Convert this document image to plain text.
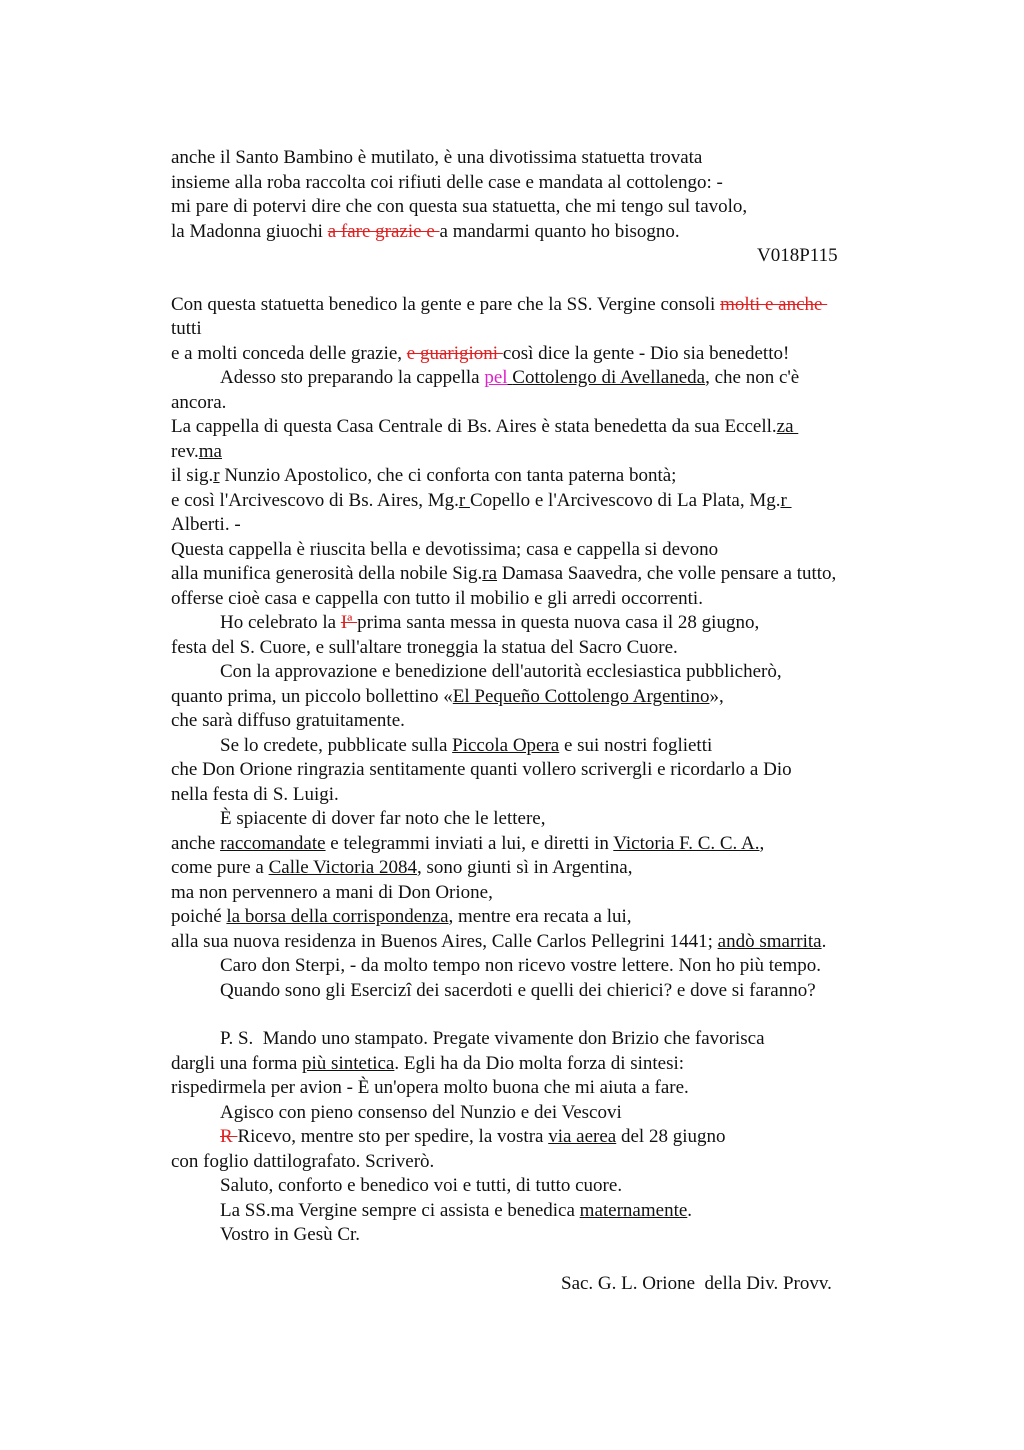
anche il Santo Bambino è mutilato, è una divotissima statuetta trovata
insieme alla roba raccolta coi rifiuti delle case e mandata al cottolengo: -
mi pare di potervi dire che con questa sua statuetta, che mi tengo sul tavolo,
la Madonna giuochi a fare grazie e a mandarmi quanto ho bisogno.
V018P115
Con questa statuetta benedico la gente e pare che la SS. Vergine consoli molti e anche
tutti
e a molti conceda delle grazie, e guarigioni così dice la gente - Dio sia benedetto!
Adesso sto preparando la cappella pel Cottolengo di Avellaneda, che non c'è
ancora.
La cappella di questa Casa Centrale di Bs. Aires è stata benedetta da sua Eccell.za
rev.ma
il sig.r Nunzio Apostolico, che ci conforta con tanta paterna bontà;
e così l'Arcivescovo di Bs. Aires, Mg.r Copello e l'Arcivescovo di La Plata, Mg.r
Alberti. -
Questa cappella è riuscita bella e devotissima; casa e cappella si devono
alla munifica generosità della nobile Sig.ra Damasa Saavedra, che volle pensare a tutto,
offerse cioè casa e cappella con tutto il mobilio e gli arredi occorrenti.
Ho celebrato la Iª prima santa messa in questa nuova casa il 28 giugno,
festa del S. Cuore, e sull'altare troneggia la statua del Sacro Cuore.
Con la approvazione e benedizione dell'autorità ecclesiastica pubblicherò,
quanto prima, un piccolo bollettino «El Pequeño Cottolengo Argentino»,
che sarà diffuso gratuitamente.
Se lo credete, pubblicate sulla Piccola Opera e sui nostri foglietti
che Don Orione ringrazia sentitamente quanti vollero scrivergli e ricordarlo a Dio
nella festa di S. Luigi.
È spiacente di dover far noto che le lettere,
anche raccomandate e telegrammi inviati a lui, e diretti in Victoria F. C. C. A.,
come pure a Calle Victoria 2084, sono giunti sì in Argentina,
ma non pervennero a mani di Don Orione,
poiché la borsa della corrispondenza, mentre era recata a lui,
alla sua nuova residenza in Buenos Aires, Calle Carlos Pellegrini 1441; andò smarrita.
Caro don Sterpi, - da molto tempo non ricevo vostre lettere. Non ho più tempo.
Quando sono gli Esercizî dei sacerdoti e quelli dei chierici? e dove si faranno?
P. S.  Mando uno stampato. Pregate vivamente don Brizio che favorisca
dargli una forma più sintetica. Egli ha da Dio molta forza di sintesi:
rispedirmela per avion - È un'opera molto buona che mi aiuta a fare.
Agisco con pieno consenso del Nunzio e dei Vescovi
R Ricevo, mentre sto per spedire, la vostra via aerea del 28 giugno
con foglio dattilografato. Scriverò.
Saluto, conforto e benedico voi e tutti, di tutto cuore.
La SS.ma Vergine sempre ci assista e benedica maternamente.
Vostro in Gesù Cr.
Sac. G. L. Orione  della Div. Provv.
